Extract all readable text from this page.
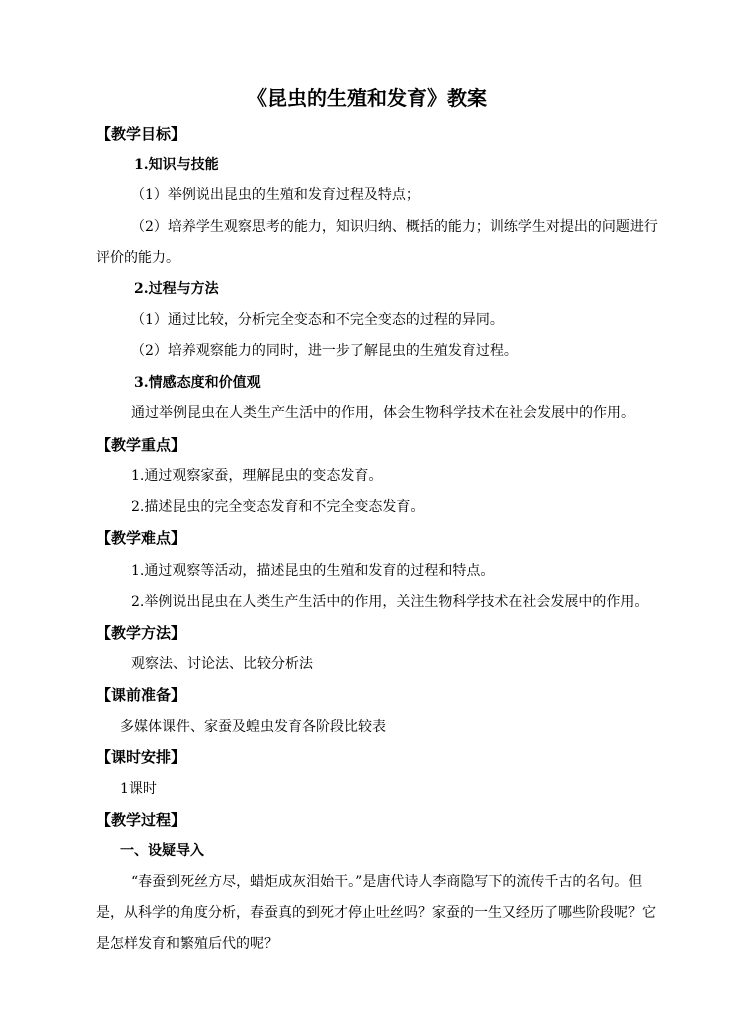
《昆虫的生殖和发育》教案
【教学目标】
1.知识与技能
（1）举例说出昆虫的生殖和发育过程及特点；
（2）培养学生观察思考的能力，知识归纳、概括的能力；训练学生对提出的问题进行
评价的能力。
2.过程与方法
（1）通过比较，分析完全变态和不完全变态的过程的异同。
（2）培养观察能力的同时，进一步了解昆虫的生殖发育过程。
3.情感态度和价值观
通过举例昆虫在人类生产生活中的作用，体会生物科学技术在社会发展中的作用。
【教学重点】
1.通过观察家蚕，理解昆虫的变态发育。
2.描述昆虫的完全变态发育和不完全变态发育。
【教学难点】
1.通过观察等活动，描述昆虫的生殖和发育的过程和特点。
2.举例说出昆虫在人类生产生活中的作用，关注生物科学技术在社会发展中的作用。
【教学方法】
观察法、讨论法、比较分析法
【课前准备】
多媒体课件、家蚕及蝗虫发育各阶段比较表
【课时安排】
1课时
【教学过程】
一、设疑导入
“春蚕到死丝方尽，蜡炬成灰泪始干。”是唐代诗人李商隐写下的流传千古的名句。但
是，从科学的角度分析，春蚕真的到死才停止吐丝吗？家蚕的一生又经历了哪些阶段呢？它
是怎样发育和繁殖后代的呢？
